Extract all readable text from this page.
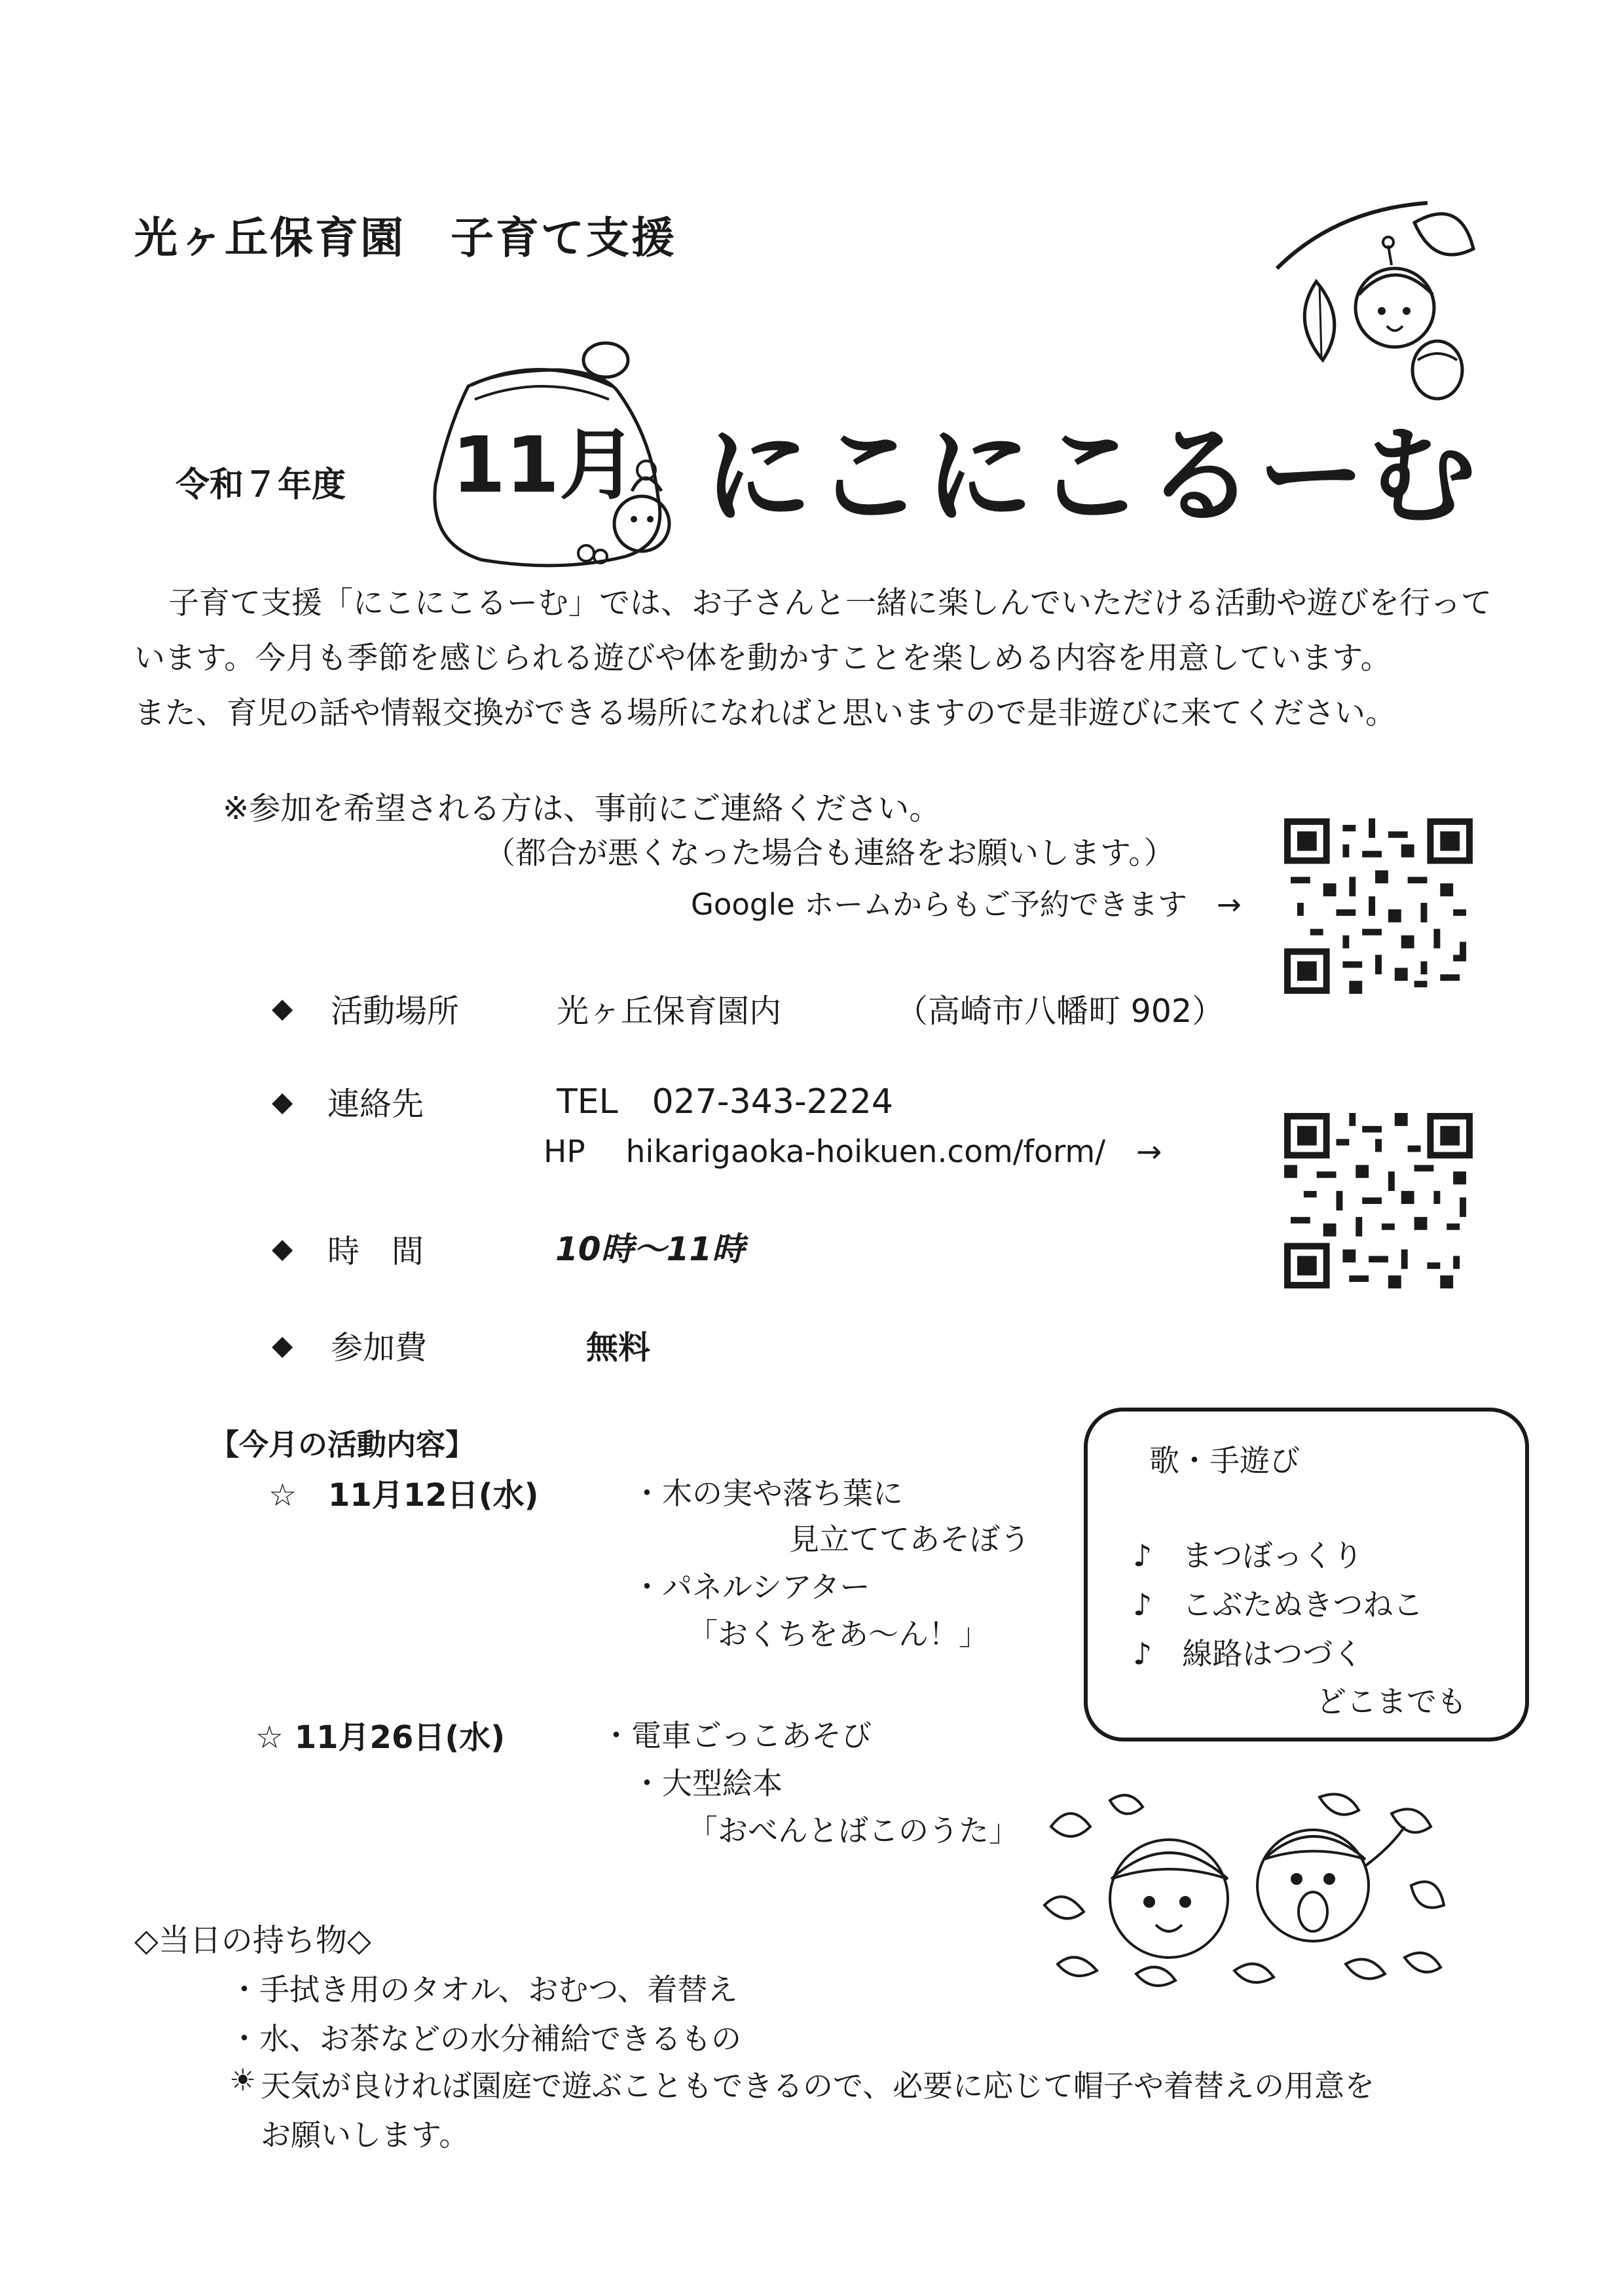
光ヶ丘保育園　子育て支援
令和７年度 11月 にこにこるーむ

子育て支援「にこにこるーむ」では、お子さんと一緒に楽しんでいただける活動や遊びを行って

います。今月も季節を感じられる遊びや体を動かすことを楽しめる内容を用意しています。

また、育児の話や情報交換ができる場所になればと思いますので是非遊びに来てください。

※参加を希望される方は、事前にご連絡ください。
（都合が悪くなった場合も連絡をお願いします。）
Google ホームからもご予約できます　→
◆ 活動場所	光ヶ丘保育園内	（高崎市八幡町 902）
◆ 連絡先	TEL　027-343-2224
HP　 hikarigaoka-hoikuen.com/form/　→
◆ 時　間	10時～11時
◆ 参加費	無料
【今月の活動内容】
☆　11月12日(水)	・木の実や落ち葉に
見立ててあそぼう
・パネルシアター
「おくちをあ～ん！」
☆ 11月26日(水)	・電車ごっこあそび
・大型絵本
「おべんとばこのうた」
歌・手遊び
♪　まつぼっくり
♪　こぶたぬきつねこ
♪　線路はつづく
どこまでも
◇当日の持ち物◇
・手拭き用のタオル、おむつ、着替え
・水、お茶などの水分補給できるもの
☀ 天気が良ければ園庭で遊ぶこともできるので、必要に応じて帽子や着替えの用意を
お願いします。
